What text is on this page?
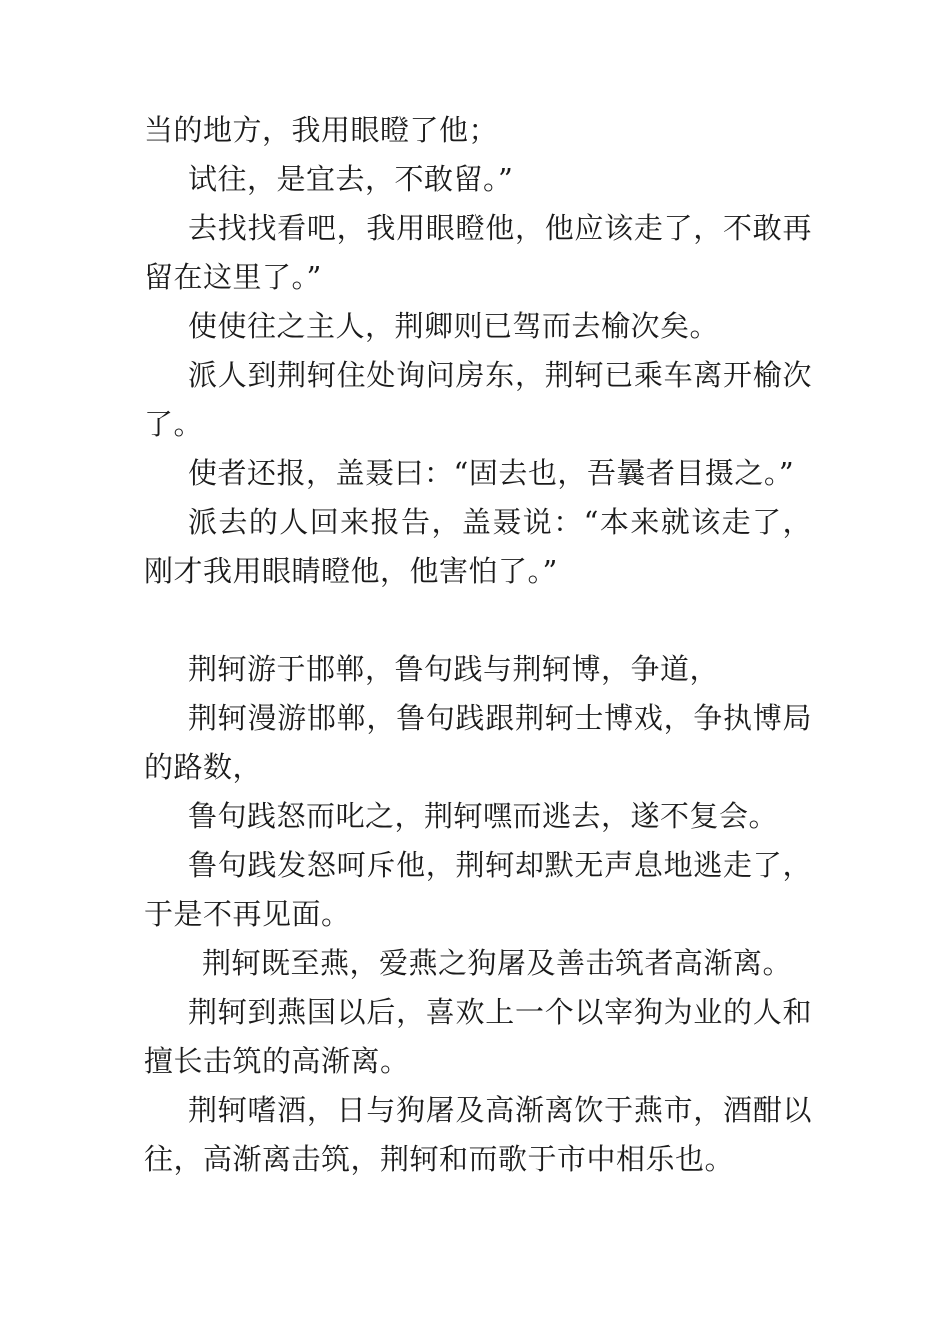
当的地方，我用眼瞪了他；

试往，是宜去，不敢留。”

去找找看吧，我用眼瞪他，他应该走了，不敢再留在这里了。”

使使往之主人，荆卿则已驾而去榆次矣。

派人到荆轲住处询问房东，荆轲已乘车离开榆次了。

使者还报，盖聂曰：“固去也，吾曩者目摄之。”

派去的人回来报告，盖聂说：“本来就该走了，刚才我用眼睛瞪他，他害怕了。”

荆轲游于邯郸，鲁句践与荆轲博，争道，

荆轲漫游邯郸，鲁句践跟荆轲士博戏，争执博局的路数，

鲁句践怒而叱之，荆轲嘿而逃去，遂不复会。

鲁句践发怒呵斥他，荆轲却默无声息地逃走了，于是不再见面。

荆轲既至燕，爱燕之狗屠及善击筑者高渐离。

荆轲到燕国以后，喜欢上一个以宰狗为业的人和擅长击筑的高渐离。

荆轲嗜酒，日与狗屠及高渐离饮于燕市，酒酣以往，高渐离击筑，荆轲和而歌于市中相乐也。
